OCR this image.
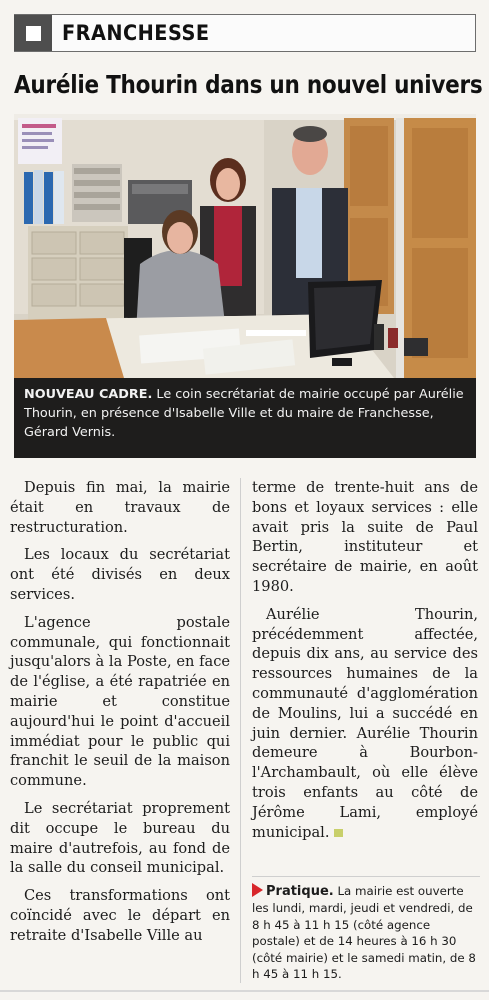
FRANCHESSE
Aurélie Thourin dans un nouvel univers
NOUVEAU CADRE. Le coin secrétariat de mairie occupé par Aurélie Thourin, en présence d'Isabelle Ville et du maire de Franchesse, Gérard Vernis.

Depuis fin mai, la mairie était en travaux de restructuration.

Les locaux du secrétariat ont été divisés en deux services.

L'agence postale communale, qui fonctionnait jusqu'alors à la Poste, en face de l'église, a été rapatriée en mairie et constitue aujourd'hui le point d'accueil immédiat pour le public qui franchit le seuil de la maison commune.

Le secrétariat proprement dit occupe le bureau du maire d'autrefois, au fond de la salle du conseil municipal.

Ces transformations ont coïncidé avec le départ en retraite d'Isabelle Ville au

terme de trente-huit ans de bons et loyaux services : elle avait pris la suite de Paul Bertin, instituteur et secrétaire de mairie, en août 1980.

Aurélie Thourin, précédemment affectée, depuis dix ans, au service des ressources humaines de la communauté d'agglomération de Moulins, lui a succédé en juin dernier. Aurélie Thourin demeure à Bourbon-l'Archambault, où elle élève trois enfants au côté de Jérôme Lami, employé municipal.

Pratique. La mairie est ouverte les lundi, mardi, jeudi et vendredi, de 8 h 45 à 11 h 15 (côté agence postale) et de 14 heures à 16 h 30 (côté mairie) et le samedi matin, de 8 h 45 à 11 h 15.
